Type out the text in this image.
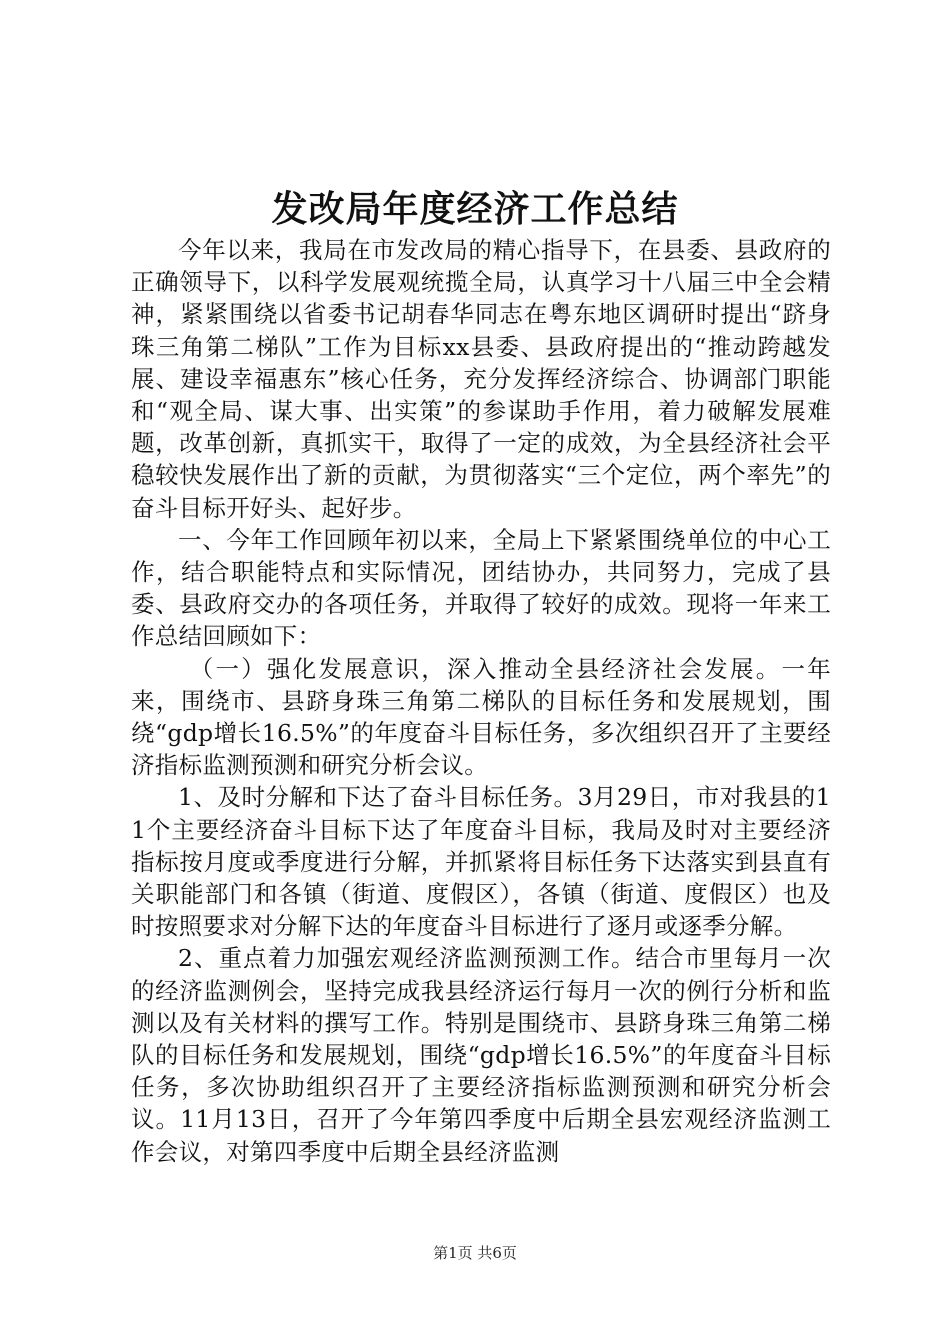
发改局年度经济工作总结

今年以来，我局在市发改局的精心指导下，在县委、县政府的正确领导下，以科学发展观统揽全局，认真学习十八届三中全会精神，紧紧围绕以省委书记胡春华同志在粤东地区调研时提出“跻身珠三角第二梯队”工作为目标xx县委、县政府提出的“推动跨越发展、建设幸福惠东”核心任务，充分发挥经济综合、协调部门职能和“观全局、谋大事、出实策”的参谋助手作用，着力破解发展难题，改革创新，真抓实干，取得了一定的成效，为全县经济社会平稳较快发展作出了新的贡献，为贯彻落实“三个定位，两个率先”的奋斗目标开好头、起好步。

一、今年工作回顾年初以来，全局上下紧紧围绕单位的中心工作，结合职能特点和实际情况，团结协办，共同努力，完成了县委、县政府交办的各项任务，并取得了较好的成效。现将一年来工作总结回顾如下：

（一）强化发展意识，深入推动全县经济社会发展。一年来，围绕市、县跻身珠三角第二梯队的目标任务和发展规划，围绕“gdp增长16.5%”的年度奋斗目标任务，多次组织召开了主要经济指标监测预测和研究分析会议。

1、及时分解和下达了奋斗目标任务。3月29日，市对我县的11个主要经济奋斗目标下达了年度奋斗目标，我局及时对主要经济指标按月度或季度进行分解，并抓紧将目标任务下达落实到县直有关职能部门和各镇（街道、度假区），各镇（街道、度假区）也及时按照要求对分解下达的年度奋斗目标进行了逐月或逐季分解。

2、重点着力加强宏观经济监测预测工作。结合市里每月一次的经济监测例会，坚持完成我县经济运行每月一次的例行分析和监测以及有关材料的撰写工作。特别是围绕市、县跻身珠三角第二梯队的目标任务和发展规划，围绕“gdp增长16.5%”的年度奋斗目标任务，多次协助组织召开了主要经济指标监测预测和研究分析会议。11月13日，召开了今年第四季度中后期全县宏观经济监测工作会议，对第四季度中后期全县经济监测

第1页 共6页
